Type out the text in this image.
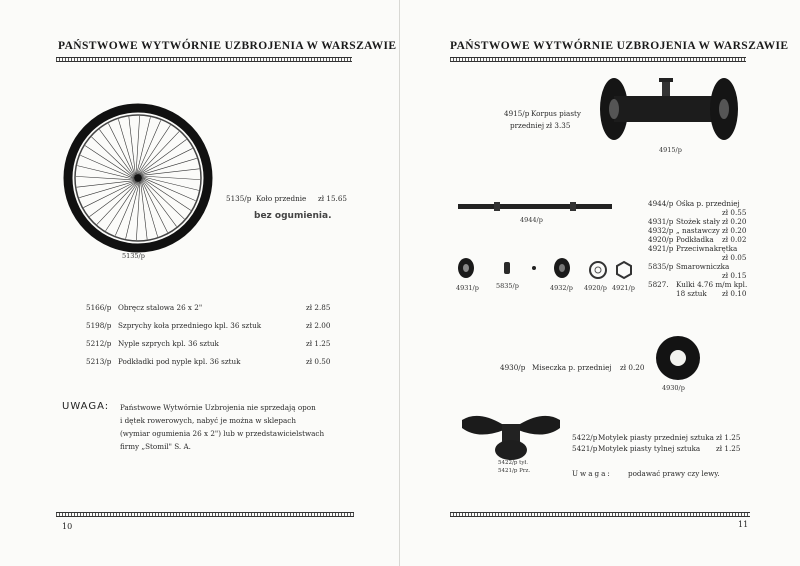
PAŃSTWOWE WYTWÓRNIE UZBROJENIA W WARSZAWIE
5135/p
5135/p Koło przednie zł 15.65
bez ogumienia.
5166/p Obręcz stalowa 26 x 2"	zł 2.85
5198/p Szprychy koła przedniego kpl. 36 sztuk	zł 2.00
5212/p Nyple szprych kpl. 36 sztuk	zł 1.25
5213/p Podkładki pod nyple kpl. 36 sztuk	zł 0.50
UWAGA: Państwowe Wytwórnie Uzbrojenia nie sprzedają opon
i dętek rowerowych, nabyć je można w sklepach
(wymiar ogumienia 26 x 2") lub w przedstawicielstwach
firmy „Stomil" S. A.
10
PAŃSTWOWE WYTWÓRNIE UZBROJENIA W WARSZAWIE
4915/p
4915/p Korpus piasty
przedniej zł 3.35
4944/p
4944/p Ośka p. przedniej
zł 0.55
4931/p Stożek stały zł 0.20
4932/p „ nastawczy zł 0.20
4920/p Podkładka zł 0.02
4921/p Przeciwnakrętka
zł 0.05
5835/p Smarowniczka
zł 0.15
5827. Kulki 4.76 m/m kpl.
18 sztuk zł 0.10
4931/p	5835/p	4932/p 4920/p 4921/p
4930/p
4930/p Miseczka p. przedniej zł 0.20
5422/p tył.
5421/p Prz.
5422/p Motylek piasty przedniej sztuka zł 1.25
5421/p Motylek piasty tylnej sztuka zł 1.25
Uwaga: podawać prawy czy lewy.
11
